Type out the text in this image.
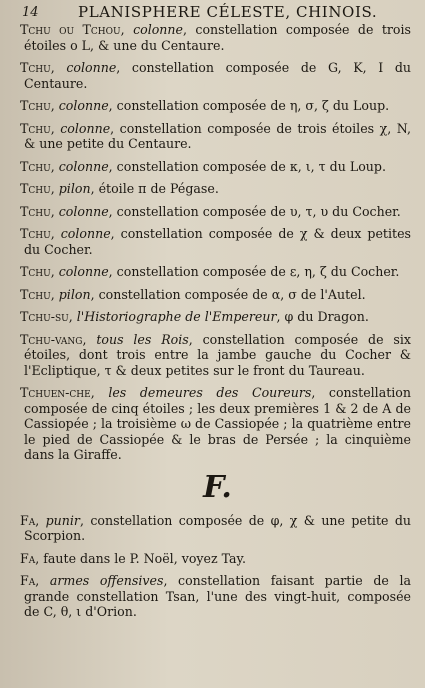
14	PLANISPHERE CÉLESTE, CHINOIS.

Tchu ou Tchou, colonne, constellation composée de trois étoiles o L, & une du Centaure.

Tchu, colonne, constellation composée de G, K, I du Centaure.

Tchu, colonne, constellation composée de η, σ, ζ du Loup.

Tchu, colonne, constellation composée de trois étoiles χ, N, & une petite du Centaure.

Tchu, colonne, constellation composée de κ, ι, τ du Loup.

Tchu, pilon, étoile π de Pégase.

Tchu, colonne, constellation composée de υ, τ, υ du Cocher.

Tchu, colonne, constellation composée de χ & deux petites du Cocher.

Tchu, colonne, constellation composée de ε, η, ζ du Cocher.

Tchu, pilon, constellation composée de α, σ de l'Autel.

Tchu-su, l'Historiographe de l'Empereur, φ du Dragon.

Tchu-vang, tous les Rois, constellation composée de six étoiles, dont trois entre la jambe gauche du Cocher & l'Ecliptique, τ & deux petites sur le front du Taureau.

Tchuen-che, les demeures des Coureurs, constellation composée de cinq étoiles ; les deux premières 1 & 2 de A de Cassiopée ; la troisième ω de Cassiopée ; la quatrième entre le pied de Cassiopée & le bras de Persée ; la cinquième dans la Giraffe.

F.

Fa, punir, constellation composée de φ, χ & une petite du Scorpion.

Fa, faute dans le P. Noël, voyez Tay.

Fa, armes offensives, constellation faisant partie de la grande constellation Tsan, l'une des vingt-huit, composée de C, θ, ι d'Orion.
